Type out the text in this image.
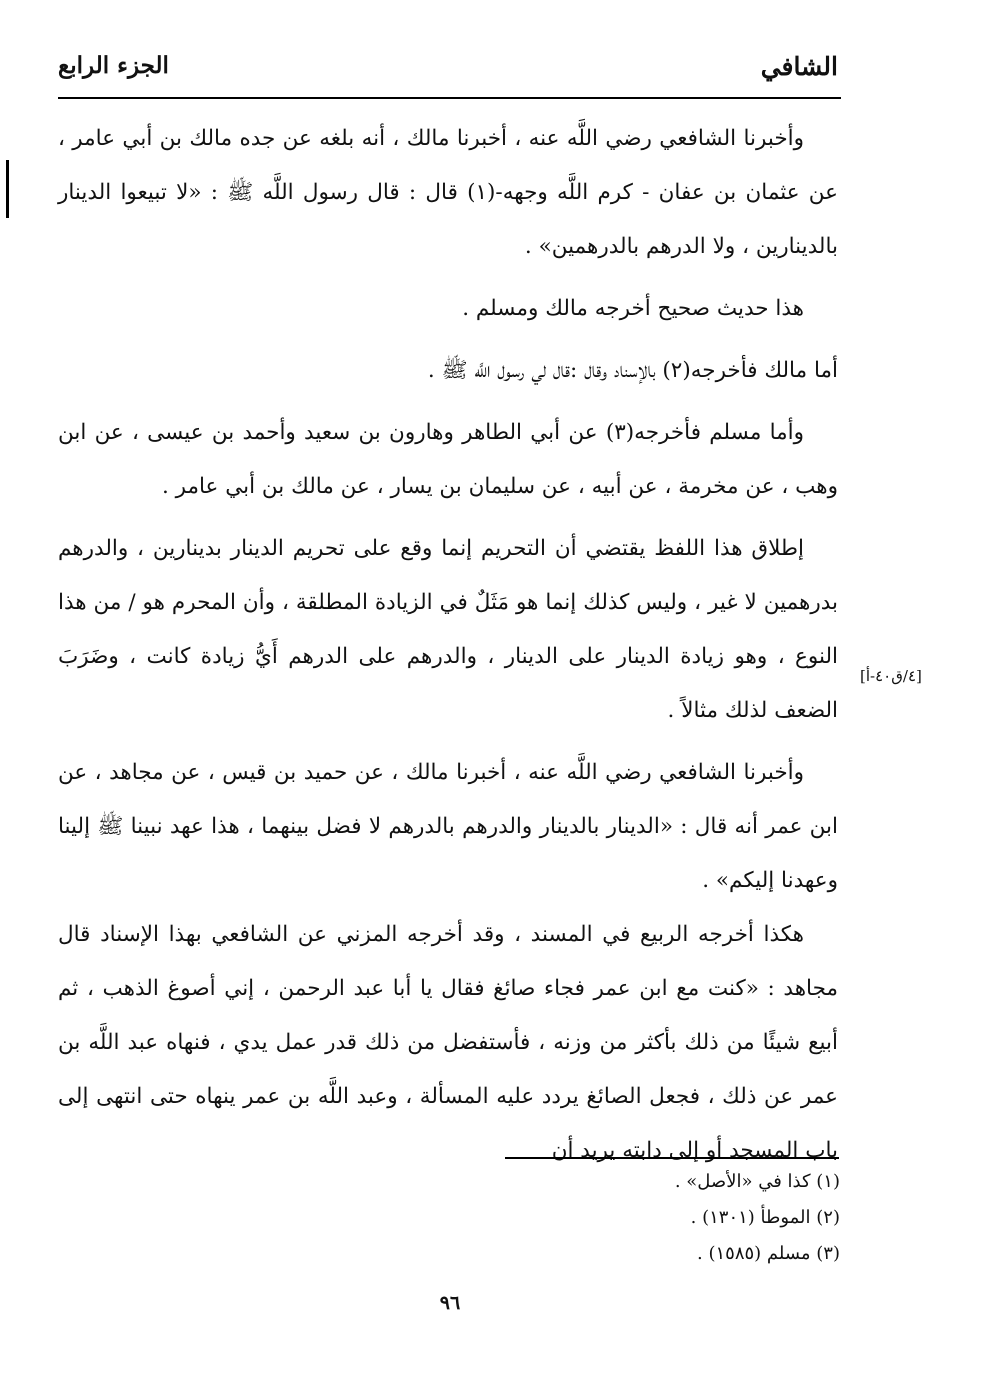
الشافي
الجزء الرابع

وأخبرنا الشافعي رضي اللَّه عنه ، أخبرنا مالك ، أنه بلغه عن جده مالك بن أبي عامر ، عن عثمان بن عفان - كرم اللَّه وجهه-(١) قال : قال رسول اللَّه ﷺ : «لا تبيعوا الدينار بالدينارين ، ولا الدرهم بالدرهمين» .

هذا حديث صحيح أخرجه مالك ومسلم .

أما مالك فأخرجه(٢) بالإسناد وقال :قال لي رسول اللَّه ﷺ .

وأما مسلم فأخرجه(٣) عن أبي الطاهر وهارون بن سعيد وأحمد بن عيسى ، عن ابن وهب ، عن مخرمة ، عن أبيه ، عن سليمان بن يسار ، عن مالك بن أبي عامر .

إطلاق هذا اللفظ يقتضي أن التحريم إنما وقع على تحريم الدينار بدينارين ، والدرهم بدرهمين لا غير ، وليس كذلك إنما هو مَثَلٌ في الزيادة المطلقة ، وأن المحرم هو / من هذا النوع ، وهو زيادة الدينار على الدينار ، والدرهم على الدرهم أَيُّ زيادة كانت ، وضَرَبَ الضعف لذلك مثالاً .

وأخبرنا الشافعي رضي اللَّه عنه ، أخبرنا مالك ، عن حميد بن قيس ، عن مجاهد ، عن ابن عمر أنه قال : «الدينار بالدينار والدرهم بالدرهم لا فضل بينهما ، هذا عهد نبينا ﷺ إلينا وعهدنا إليكم» .

هكذا أخرجه الربيع في المسند ، وقد أخرجه المزني عن الشافعي بهذا الإسناد قال مجاهد : «كنت مع ابن عمر فجاء صائغ فقال يا أبا عبد الرحمن ، إني أصوغ الذهب ، ثم أبيع شيئًا من ذلك بأكثر من وزنه ، فأستفضل من ذلك قدر عمل يدي ، فنهاه عبد اللَّه بن عمر عن ذلك ، فجعل الصائغ يردد عليه المسألة ، وعبد اللَّه بن عمر ينهاه حتى انتهى إلى باب المسجد أو إلى دابته يريد أن

[٤/ق٤٠-أ]
(١) كذا في «الأصل» .
(٢) الموطأ (١٣٠١) .
(٣) مسلم (١٥٨٥) .
٩٦
